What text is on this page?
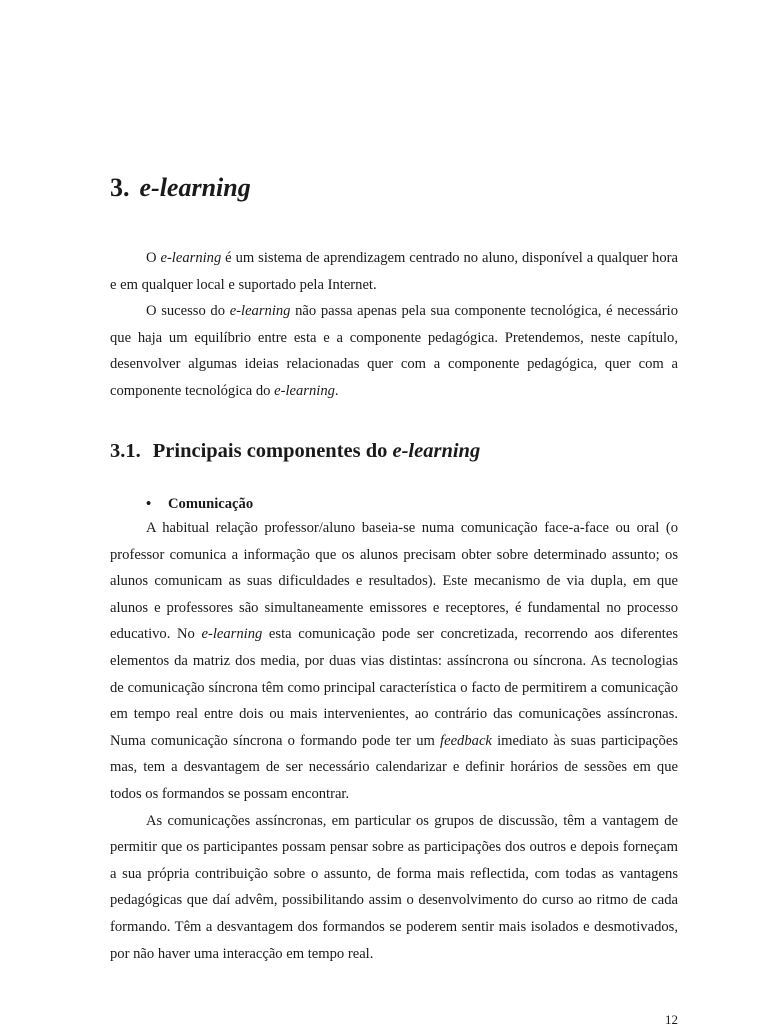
3. e-learning

O e-learning é um sistema de aprendizagem centrado no aluno, disponível a qualquer hora e em qualquer local e suportado pela Internet.

O sucesso do e-learning não passa apenas pela sua componente tecnológica, é necessário que haja um equilíbrio entre esta e a componente pedagógica. Pretendemos, neste capítulo, desenvolver algumas ideias relacionadas quer com a componente pedagógica, quer com a componente tecnológica do e-learning.

3.1. Principais componentes do e-learning
• Comunicação

A habitual relação professor/aluno baseia-se numa comunicação face-a-face ou oral (o professor comunica a informação que os alunos precisam obter sobre determinado assunto; os alunos comunicam as suas dificuldades e resultados). Este mecanismo de via dupla, em que alunos e professores são simultaneamente emissores e receptores, é fundamental no processo educativo. No e-learning esta comunicação pode ser concretizada, recorrendo aos diferentes elementos da matriz dos media, por duas vias distintas: assíncrona ou síncrona. As tecnologias de comunicação síncrona têm como principal característica o facto de permitirem a comunicação em tempo real entre dois ou mais intervenientes, ao contrário das comunicações assíncronas. Numa comunicação síncrona o formando pode ter um feedback imediato às suas participações mas, tem a desvantagem de ser necessário calendarizar e definir horários de sessões em que todos os formandos se possam encontrar.

As comunicações assíncronas, em particular os grupos de discussão, têm a vantagem de permitir que os participantes possam pensar sobre as participações dos outros e depois forneçam a sua própria contribuição sobre o assunto, de forma mais reflectida, com todas as vantagens pedagógicas que daí advêm, possibilitando assim o desenvolvimento do curso ao ritmo de cada formando. Têm a desvantagem dos formandos se poderem sentir mais isolados e desmotivados, por não haver uma interacção em tempo real.

12
